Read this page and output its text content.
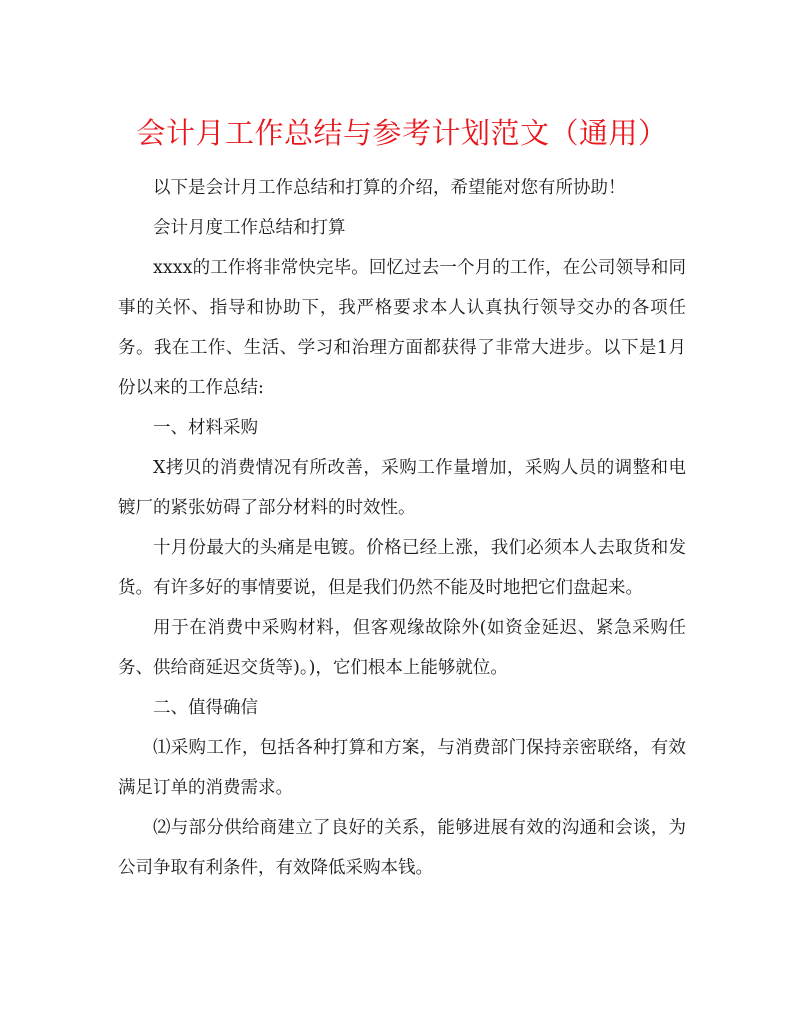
会计月工作总结与参考计划范文（通用）

以下是会计月工作总结和打算的介绍，希望能对您有所协助！

会计月度工作总结和打算

xxxx的工作将非常快完毕。回忆过去一个月的工作，在公司领导和同事的关怀、指导和协助下，我严格要求本人认真执行领导交办的各项任务。我在工作、生活、学习和治理方面都获得了非常大进步。以下是1月份以来的工作总结:

一、材料采购

X拷贝的消费情况有所改善，采购工作量增加，采购人员的调整和电镀厂的紧张妨碍了部分材料的时效性。

十月份最大的头痛是电镀。价格已经上涨，我们必须本人去取货和发货。有许多好的事情要说，但是我们仍然不能及时地把它们盘起来。

用于在消费中采购材料，但客观缘故除外(如资金延迟、紧急采购任务、供给商延迟交货等)。)，它们根本上能够就位。

二、值得确信

⑴采购工作，包括各种打算和方案，与消费部门保持亲密联络，有效满足订单的消费需求。

⑵与部分供给商建立了良好的关系，能够进展有效的沟通和会谈，为公司争取有利条件，有效降低采购本钱。
